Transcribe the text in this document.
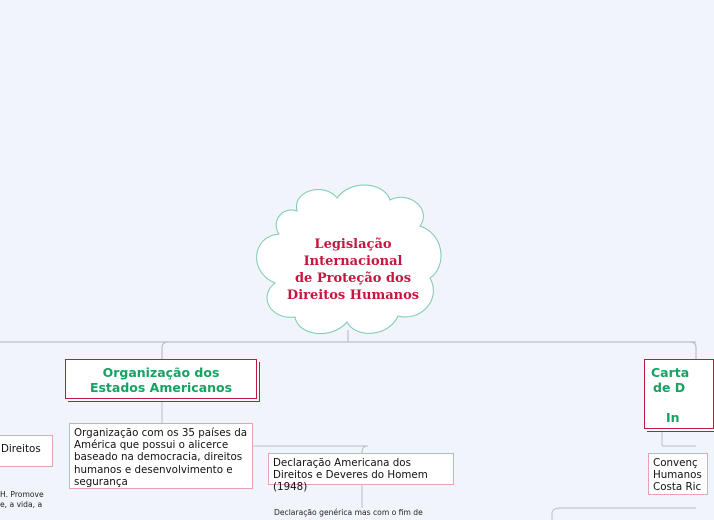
Legislação
Internacional
de Proteção dos
Direitos Humanos
Organização dos
Estados Americanos
Carta
de D
In
Organização com os 35 países da América que possui o alicerce baseado na democracia, direitos humanos e desenvolvimento e segurança
Declaração Americana dos Direitos e Deveres do Homem (1948)
Convenç
Humanos
Costa Ric
Direitos
H. Promove
e, a vida, a
Declaração genérica mas com o fim de
